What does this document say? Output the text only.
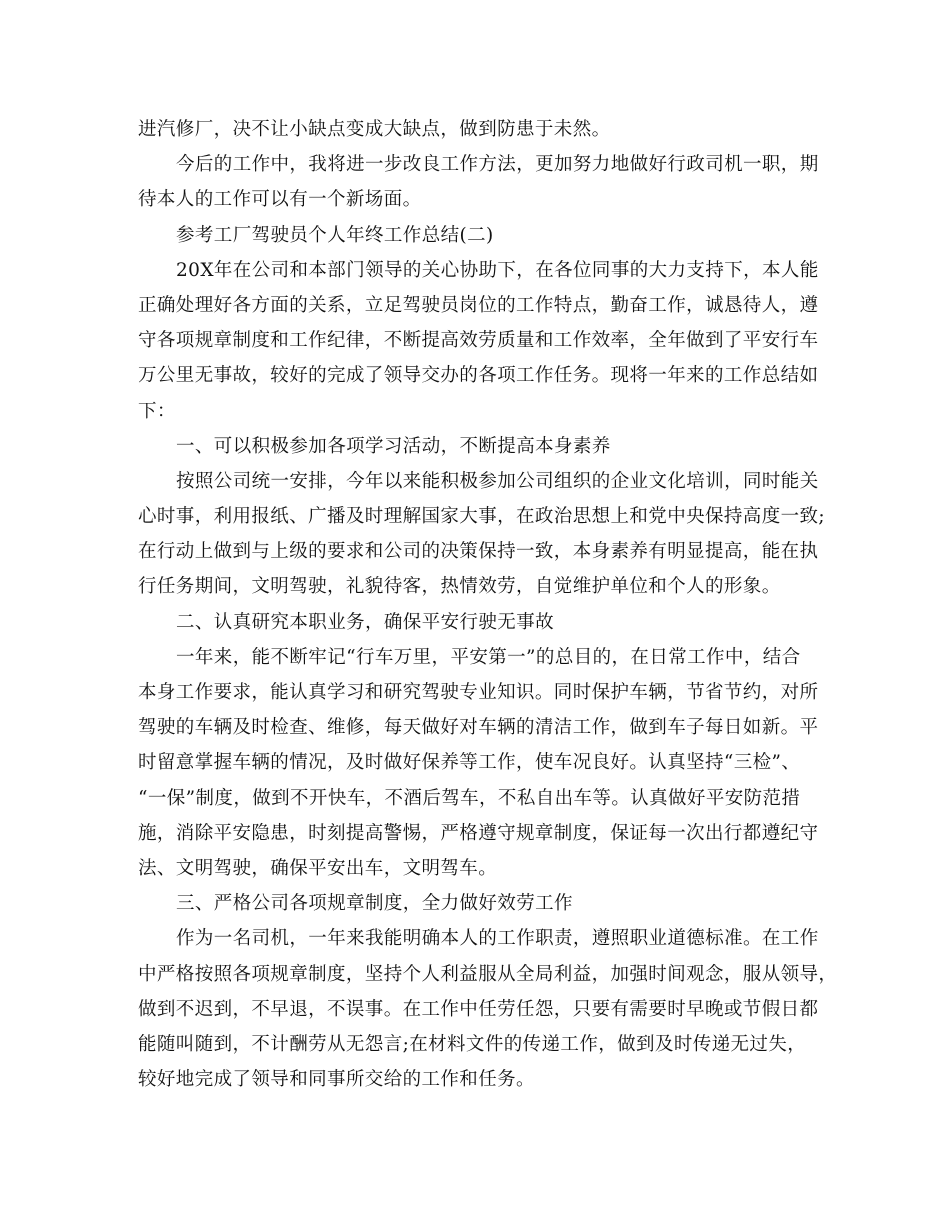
进汽修厂，决不让小缺点变成大缺点，做到防患于未然。
今后的工作中，我将进一步改良工作方法，更加努力地做好行政司机一职，期
待本人的工作可以有一个新场面。
参考工厂驾驶员个人年终工作总结(二)
20X年在公司和本部门领导的关心协助下，在各位同事的大力支持下，本人能
正确处理好各方面的关系，立足驾驶员岗位的工作特点，勤奋工作，诚恳待人，遵
守各项规章制度和工作纪律，不断提高效劳质量和工作效率，全年做到了平安行车
万公里无事故，较好的完成了领导交办的各项工作任务。现将一年来的工作总结如
下：
一、可以积极参加各项学习活动，不断提高本身素养
按照公司统一安排，今年以来能积极参加公司组织的企业文化培训，同时能关
心时事，利用报纸、广播及时理解国家大事，在政治思想上和党中央保持高度一致;
在行动上做到与上级的要求和公司的决策保持一致，本身素养有明显提高，能在执
行任务期间，文明驾驶，礼貌待客，热情效劳，自觉维护单位和个人的形象。
二、认真研究本职业务，确保平安行驶无事故
一年来，能不断牢记“行车万里，平安第一”的总目的，在日常工作中，结合
本身工作要求，能认真学习和研究驾驶专业知识。同时保护车辆，节省节约，对所
驾驶的车辆及时检查、维修，每天做好对车辆的清洁工作，做到车子每日如新。平
时留意掌握车辆的情况，及时做好保养等工作，使车况良好。认真坚持“三检”、
“一保”制度，做到不开快车，不酒后驾车，不私自出车等。认真做好平安防范措
施，消除平安隐患，时刻提高警惕，严格遵守规章制度，保证每一次出行都遵纪守
法、文明驾驶，确保平安出车，文明驾车。
三、严格公司各项规章制度，全力做好效劳工作
作为一名司机，一年来我能明确本人的工作职责，遵照职业道德标准。在工作
中严格按照各项规章制度，坚持个人利益服从全局利益，加强时间观念，服从领导，
做到不迟到，不早退，不误事。在工作中任劳任怨，只要有需要时早晚或节假日都
能随叫随到，不计酬劳从无怨言;在材料文件的传递工作，做到及时传递无过失，
较好地完成了领导和同事所交给的工作和任务。
